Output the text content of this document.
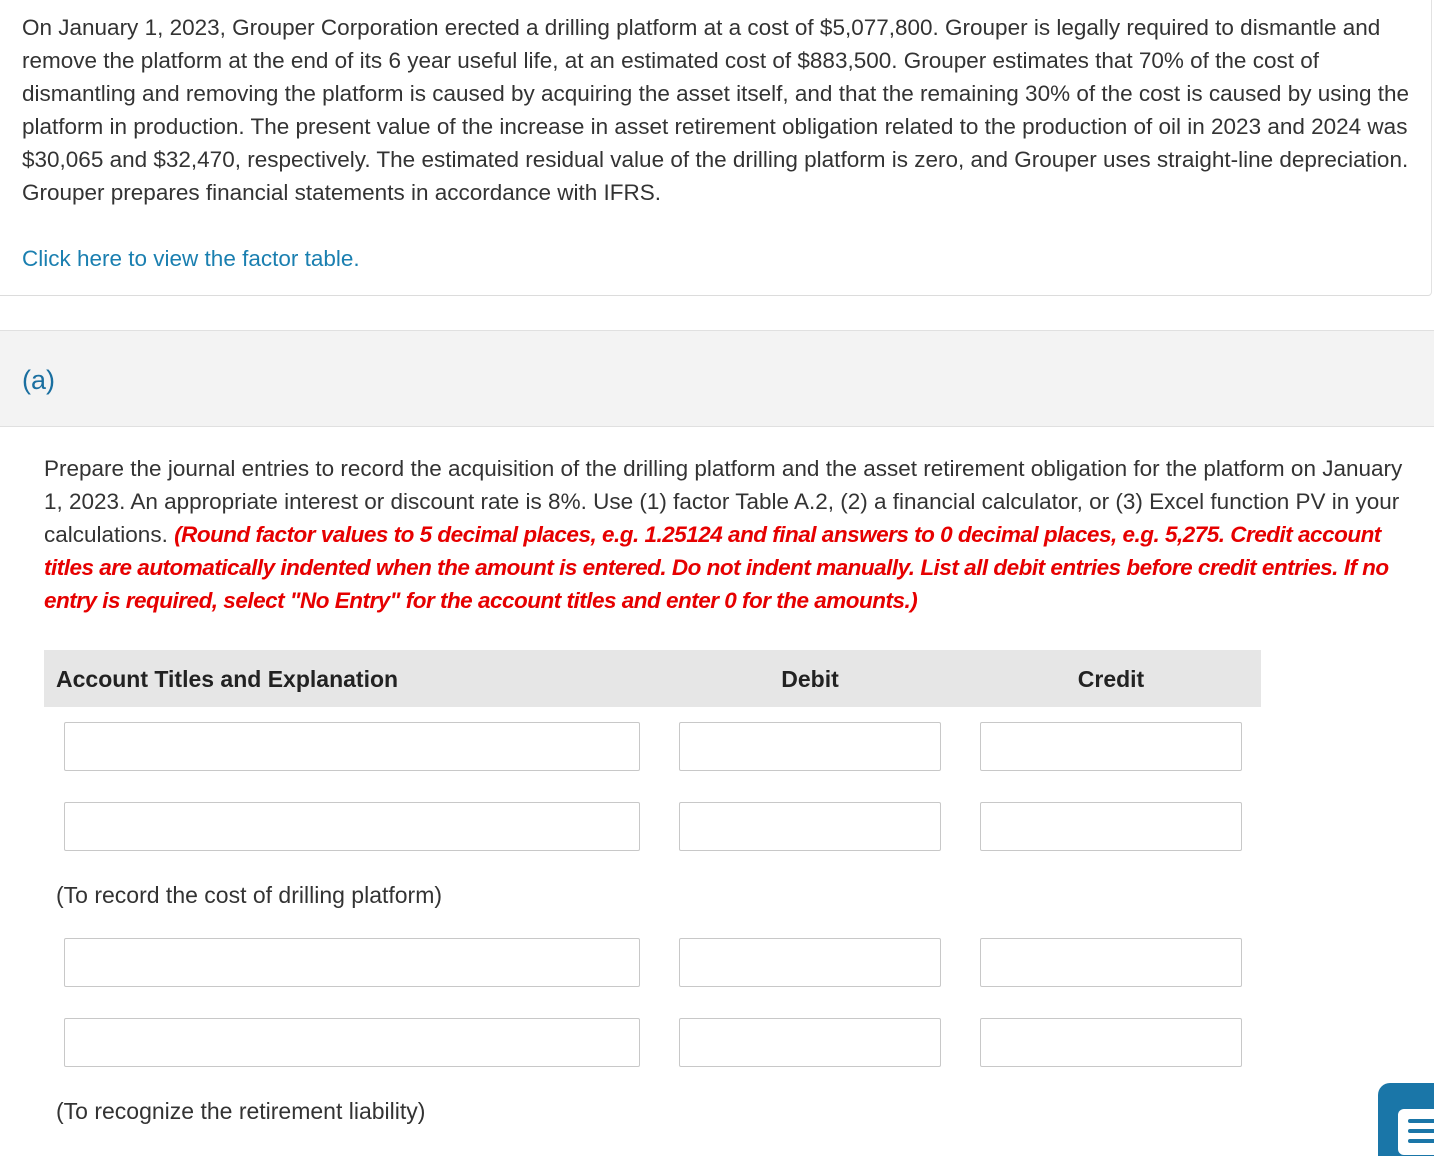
On January 1, 2023, Grouper Corporation erected a drilling platform at a cost of $5,077,800. Grouper is legally required to dismantle and remove the platform at the end of its 6 year useful life, at an estimated cost of $883,500. Grouper estimates that 70% of the cost of dismantling and removing the platform is caused by acquiring the asset itself, and that the remaining 30% of the cost is caused by using the platform in production. The present value of the increase in asset retirement obligation related to the production of oil in 2023 and 2024 was $30,065 and $32,470, respectively. The estimated residual value of the drilling platform is zero, and Grouper uses straight-line depreciation. Grouper prepares financial statements in accordance with IFRS.
Click here to view the factor table.
(a)
Prepare the journal entries to record the acquisition of the drilling platform and the asset retirement obligation for the platform on January 1, 2023. An appropriate interest or discount rate is 8%. Use (1) factor Table A.2, (2) a financial calculator, or (3) Excel function PV in your calculations. (Round factor values to 5 decimal places, e.g. 1.25124 and final answers to 0 decimal places, e.g. 5,275. Credit account titles are automatically indented when the amount is entered. Do not indent manually. List all debit entries before credit entries. If no entry is required, select "No Entry" for the account titles and enter 0 for the amounts.)
Account Titles and Explanation	Debit	Credit
(To record the cost of drilling platform)
(To recognize the retirement liability)
